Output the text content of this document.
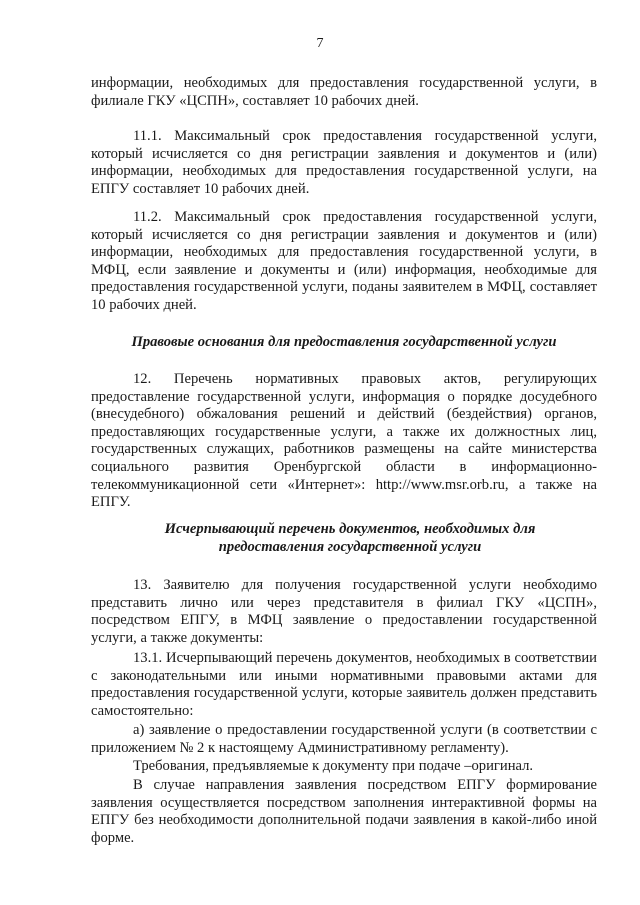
7

информации, необходимых для предоставления государственной услуги, в филиале ГКУ «ЦСПН», составляет 10 рабочих дней.

11.1. Максимальный срок предоставления государственной услуги, который исчисляется со дня регистрации заявления и документов и (или) информации, необходимых для предоставления государственной услуги, на ЕПГУ составляет 10 рабочих дней.

11.2. Максимальный срок предоставления государственной услуги, который исчисляется со дня регистрации заявления и документов и (или) информации, необходимых для предоставления государственной услуги, в МФЦ, если заявление и документы и (или) информация, необходимые для предоставления государственной услуги, поданы заявителем в МФЦ, составляет 10 рабочих дней.

Правовые основания для предоставления государственной услуги

12. Перечень нормативных правовых актов, регулирующих предоставление государственной услуги, информация о порядке досудебного (внесудебного) обжалования решений и действий (бездействия) органов, предоставляющих государственные услуги, а также их должностных лиц, государственных служащих, работников размещены на сайте министерства социального развития Оренбургской области в информационно-телекоммуникационной сети «Интернет»: http://www.msr.orb.ru, а также на ЕПГУ.

Исчерпывающий перечень документов, необходимых для предоставления государственной услуги

13. Заявителю для получения государственной услуги необходимо представить лично или через представителя в филиал ГКУ «ЦСПН», посредством ЕПГУ, в МФЦ заявление о предоставлении государственной услуги, а также документы:

13.1. Исчерпывающий перечень документов, необходимых в соответствии с законодательными или иными нормативными правовыми актами для предоставления государственной услуги, которые заявитель должен представить самостоятельно:

а) заявление о предоставлении государственной услуги (в соответствии с приложением № 2 к настоящему Административному регламенту).

Требования, предъявляемые к документу при подаче –оригинал.

В случае направления заявления посредством ЕПГУ формирование заявления осуществляется посредством заполнения интерактивной формы на ЕПГУ без необходимости дополнительной подачи заявления в какой-либо иной форме.
